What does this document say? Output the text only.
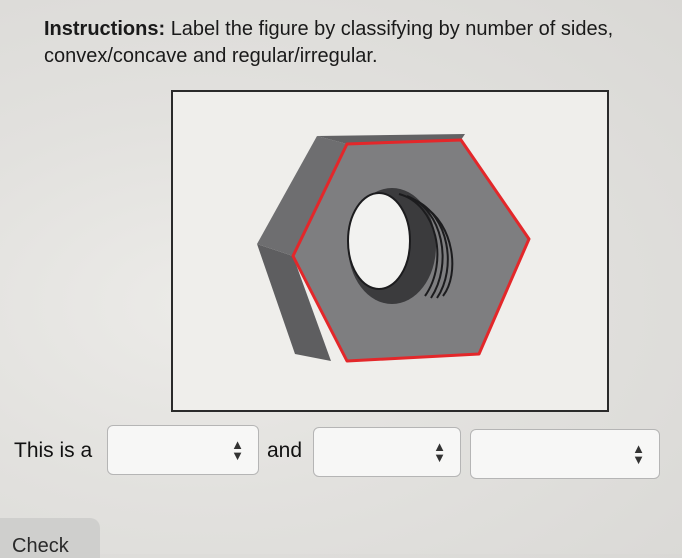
Instructions: Label the figure by classifying by number of sides, convex/concave and regular/irregular.
This is a	▲
▼ and	▲
▼
▲
▼
Check
